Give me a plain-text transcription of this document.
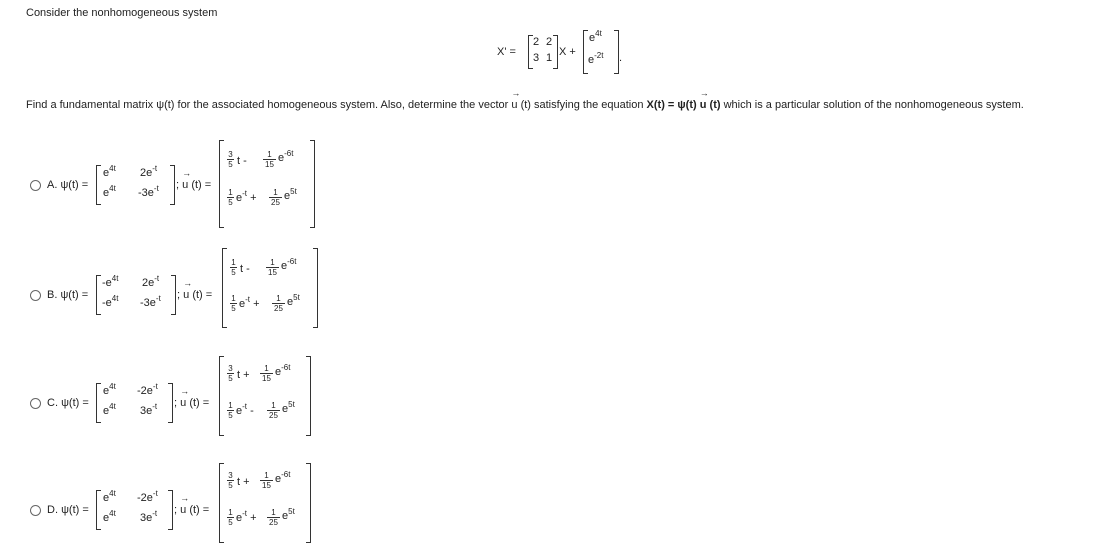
Consider the nonhomogeneous system
X' =
2 2
3 1 X +
$e^{4t}$
$e^{-2t}$ .
Find a fundamental matrix ψ(t) for the associated homogeneous system. Also, determine the vector → u (t) satisfying the equation X(t) = ψ(t) → u (t) which is a particular solution of the nonhomogeneous system.
A. ψ(t) =
$e^{4t}$ $2e^{-t}$
$e^{4t}$ $-3e^{-t}$ ; → u (t) =
$\frac{3}{5}$ t - $\frac{1}{15} e^{-6t}$
$\frac{1}{5} e^{-t} + \frac{1}{25} e^{5t}$
B. ψ(t) =
$-e^{4t}$ $2e^{-t}$
$-e^{4t}$ $-3e^{-t}$ ; → u (t) =
$\frac{1}{5}$ t - $\frac{1}{15} e^{-6t}$
$\frac{1}{5} e^{-t} + \frac{1}{25} e^{5t}$
C. ψ(t) =
$e^{4t}$ $-2e^{-t}$
$e^{4t}$ $3e^{-t}$ ; → u (t) =
$\frac{3}{5}$ $t + \frac{1}{15} e^{-6t}$
$\frac{1}{5} e^{-t} - \frac{1}{25} e^{5t}$
D. ψ(t) =
$e^{4t}$ $-2e^{-t}$
$e^{4t}$ $3e^{-t}$ ; → u (t) =
$\frac{3}{5}$ $t + \frac{1}{15} e^{-6t}$
$\frac{1}{5} e^{-t} + \frac{1}{25} e^{5t}$
